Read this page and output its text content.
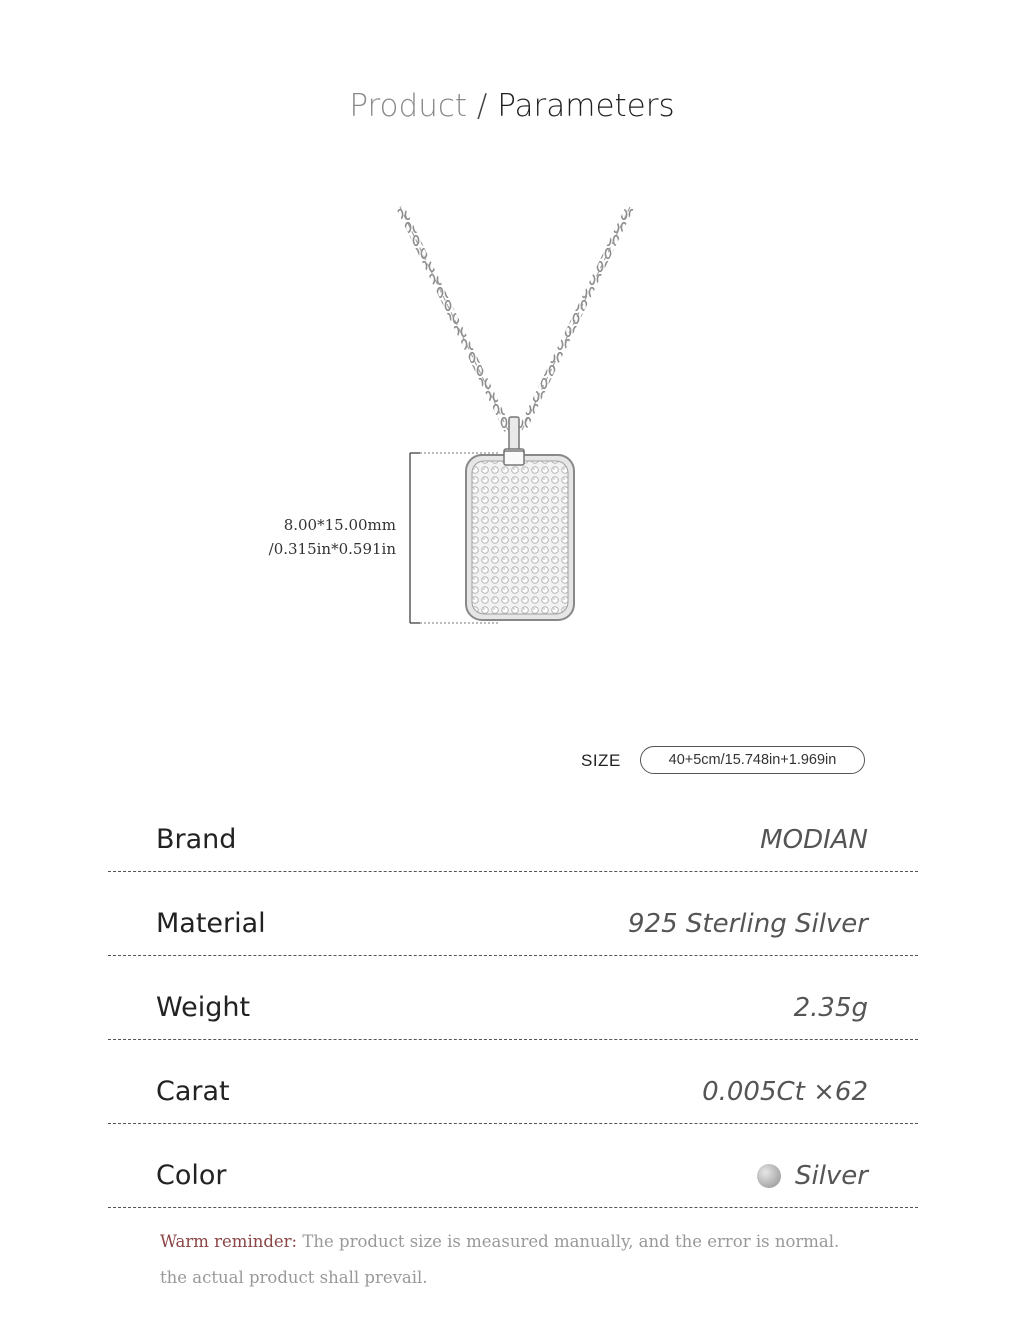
Product / Parameters
8.00*15.00mm
/0.315in*0.591in
SIZE	40+5cm/15.748in+1.969in
Brand	MODIAN
Material	925 Sterling Silver
Weight	2.35g
Carat	0.005Ct ×62
Color	Silver
Warm reminder: The product size is measured manually, and the error is normal.
the actual product shall prevail.
